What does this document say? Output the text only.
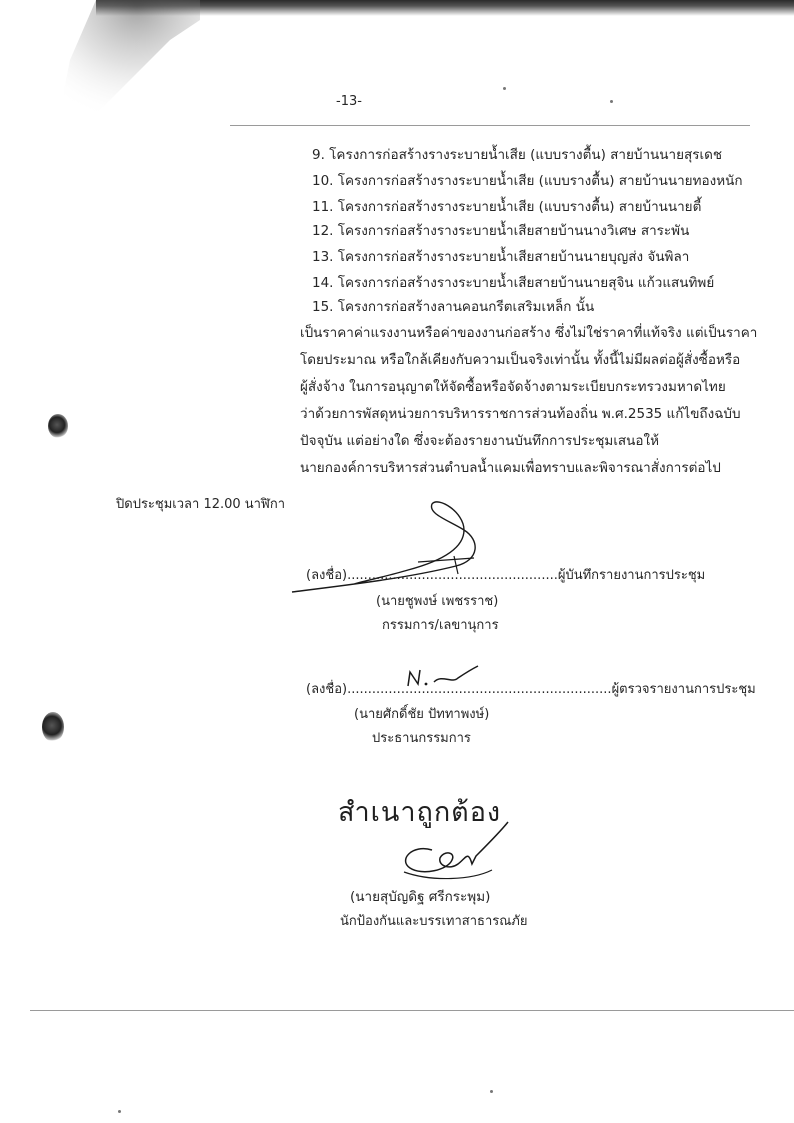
-13-
9. โครงการก่อสร้างรางระบายน้ำเสีย (แบบรางตื้น) สายบ้านนายสุรเดช
10. โครงการก่อสร้างรางระบายน้ำเสีย (แบบรางตื้น) สายบ้านนายทองหนัก
11. โครงการก่อสร้างรางระบายน้ำเสีย (แบบรางตื้น) สายบ้านนายตี้
12. โครงการก่อสร้างรางระบายน้ำเสียสายบ้านนางวิเศษ สาระพัน
13. โครงการก่อสร้างรางระบายน้ำเสียสายบ้านนายบุญส่ง จันพิลา
14. โครงการก่อสร้างรางระบายน้ำเสียสายบ้านนายสุจิน แก้วแสนทิพย์
15. โครงการก่อสร้างลานคอนกรีตเสริมเหล็ก นั้น
เป็นราคาค่าแรงงานหรือค่าของงานก่อสร้าง ซึ่งไม่ใช่ราคาที่แท้จริง แต่เป็นราคา
โดยประมาณ หรือใกล้เคียงกับความเป็นจริงเท่านั้น ทั้งนี้ไม่มีผลต่อผู้สั่งซื้อหรือ
ผู้สั่งจ้าง ในการอนุญาตให้จัดซื้อหรือจัดจ้างตามระเบียบกระทรวงมหาดไทย
ว่าด้วยการพัสดุหน่วยการบริหารราชการส่วนท้องถิ่น พ.ศ.2535 แก้ไขถึงฉบับ
ปัจจุบัน แต่อย่างใด ซึ่งจะต้องรายงานบันทึกการประชุมเสนอให้
นายกองค์การบริหารส่วนตำบลน้ำแคมเพื่อทราบและพิจารณาสั่งการต่อไป
ปิดประชุมเวลา 12.00 นาฬิกา
(ลงชื่อ)...................................................ผู้บันทึกรายงานการประชุม
(นายชูพงษ์ เพชรราช)
กรรมการ/เลขานุการ
(ลงชื่อ)................................................................ผู้ตรวจรายงานการประชุม
(นายศักดิ์ชัย ปัททาพงษ์)
ประธานกรรมการ
สำเนาถูกต้อง
(นายสุบัญดิฐ ศรีกระพุม)
นักป้องกันและบรรเทาสาธารณภัย
